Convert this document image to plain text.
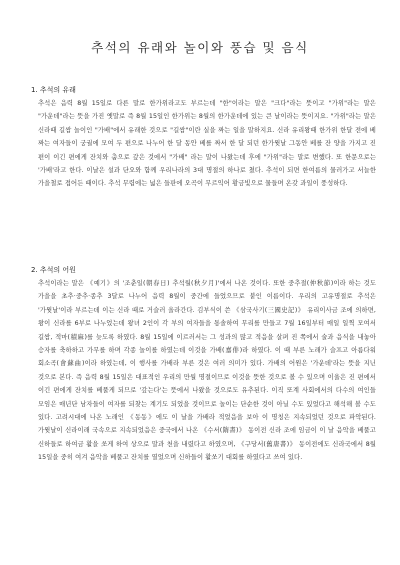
추석의 유래와 놀이와 풍습 및 음식
1. 추석의 유래

추석은 음력 8월 15일로 다른 말로 한가위라고도 부르는데 "한"이라는 말은 "크다"라는 뜻이고 "가위"라는 말은 "가운데"라는 뜻을 가진 옛말로 즉 8월 15일인 한가위는 8월의 한가운데에 있는 큰 날이라는 뜻이지요. "가위"라는 말은 신라때 길쌈 놀이인 "가배"에서 유래한 것으로 "길쌈"이란 실을 짜는 일을 말하지요. 신라 유리왕때 한가위 한달 전에 베 짜는 여자들이 궁궐에 모여 두 편으로 나누어 한 달 동안 베를 짜서 한 달 되던 한가윗날 그동안 베를 잔 양을 가지고 진 편이 이긴 편에게 잔치와 춤으로 갚은 것에서 "가배" 라는 말이 나왔는데 후에 "가위"라는 말로 변했다. 또 한문으로는 '가배'라고 한다. 이날은 설과 단오와 함께 우리나라의 3대 명절의 하나로 쳤다. 추석이 되면 한여름의 물러가고 서늘한 가을철로 접어든 때이다. 추석 무렵에는 넓은 들판에 오곡이 무르익어 황금빛으로 물들며 온갖 과일이 풍성하다.

2. 추석의 어원

추석이라는 말은 《예기》의 '조춘일(朝春日) 추석월(秋夕月)'에서 나온 것이다. 또한 중추절(仲秋節)이라 하는 것도 가을을 초추·중추·종추 3달로 나누어 음력 8월이 중간에 들었으므로 붙인 이름이다. 우리의 고유명절로 추석은 '가윗날'이라 부르는데 이는 신라 때로 거슬러 올라간다. 김부식이 쓴 《삼국사기(三國史記)》 유리이사금 조에 의하면, 왕이 신라를 6부로 나누었는데 왕녀 2인이 각 부의 여자들을 통솔하여 무리를 만들고 7월 16일부터 매일 일찍 모여서 길쌈, 적마(積麻)를 늦도록 하였다. 8월 15일에 이르러서는 그 성과의 많고 적음을 살펴 진 쪽에서 술과 음식을 내놓아 승자를 축하하고 가무를 하며 각종 놀이를 하였는데 이것을 가배(嘉俳)라 하였다. 이 때 부른 노래가 슬프고 아름다워 회소곡(會蘇曲)이라 하였는데, 이 행사를 가배라 부른 것은 여러 의미가 있다. 가배의 어원은 '가운데'라는 뜻을 지닌 것으로 본다. 즉 음력 8월 15일은 대표적인 우리의 만월 명절이므로 이것을 뜻한 것으로 볼 수 있으며 이울은 진 편에서 이긴 편에게 잔치를 베풀게 되므로 '갚는다'는 뜻에서 나왔을 것으로도 유추된다. 이직 또계 사회에서의 다수의 여인들 모임은 매년단 남자들이 여자를 되찾는 계기도 되었을 것이므로 놀이는 단순한 것이 아닐 수도 있었다고 해석해 볼 수도 있다. 고려시대에 나온 노래인 《동동》에도 이 날을 가배라 적었음을 보아 이 명칭은 지속되었던 것으로 파악된다. 가윗날이 신라이래 국속으로 지속되었음은 중국에서 나온 《수서(隋書)》 동이전 신라 조에 임금이 이 날 음악을 베풀고 신하들로 하여금 활을 쏘게 하여 상으로 말과 천을 내렸다고 하였으며, 《구당서(舊唐書)》 동이전에도 신라국에서 8월 15일을 중히 여겨 음악을 베풀고 잔치를 열었으며 신하들이 활쏘기 대회를 하였다고 쓰여 있다.
